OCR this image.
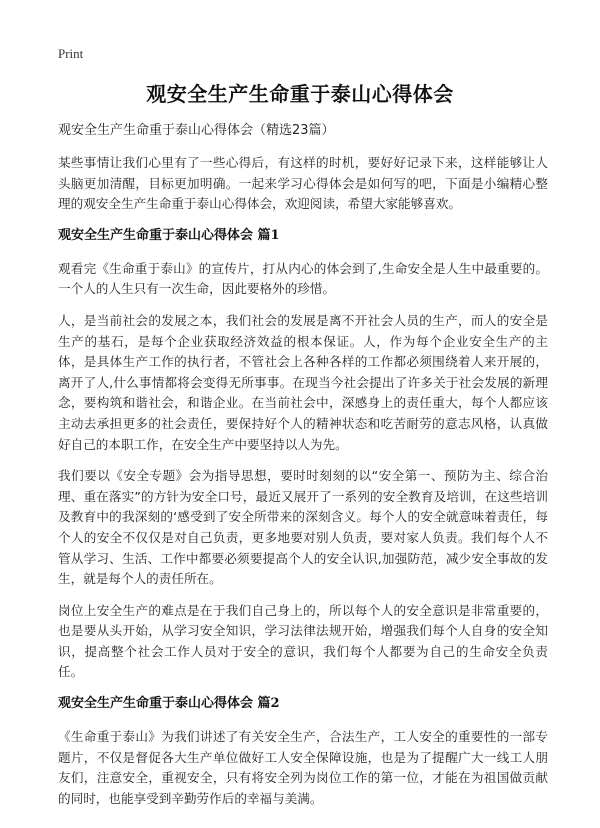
Print
观安全生产生命重于泰山心得体会

观安全生产生命重于泰山心得体会（精选23篇）

某些事情让我们心里有了一些心得后，有这样的时机，要好好记录下来，这样能够让人头脑更加清醒，目标更加明确。一起来学习心得体会是如何写的吧，下面是小编精心整理的观安全生产生命重于泰山心得体会，欢迎阅读，希望大家能够喜欢。

观安全生产生命重于泰山心得体会 篇1

观看完《生命重于泰山》的宣传片，打从内心的体会到了,生命安全是人生中最重要的。一个人的人生只有一次生命，因此要格外的珍惜。

人，是当前社会的发展之本，我们社会的发展是离不开社会人员的生产，而人的安全是生产的基石，是每个企业获取经济效益的根本保证。人，作为每个企业安全生产的主体，是具体生产工作的执行者，不管社会上各种各样的工作都必须围绕着人来开展的，离开了人,什么事情都将会变得无所事事。在现当今社会提出了许多关于社会发展的新理念，要构筑和谐社会，和谐企业。在当前社会中，深感身上的责任重大，每个人都应该主动去承担更多的社会责任，要保持好个人的精神状态和吃苦耐劳的意志风格，认真做好自己的本职工作，在安全生产中要坚持以人为先。

我们要以《安全专题》会为指导思想，要时时刻刻的以“安全第一、预防为主、综合治理、重在落实”的方针为安全口号，最近又展开了一系列的安全教育及培训，在这些培训及教育中的我深刻的‘感受到了安全所带来的深刻含义。每个人的安全就意味着责任，每个人的安全不仅仅是对自己负责，更多地要对别人负责，要对家人负责。我们每个人不管从学习、生活、工作中都要必须要提高个人的安全认识,加强防范，减少安全事故的发生，就是每个人的责任所在。

岗位上安全生产的难点是在于我们自己身上的，所以每个人的安全意识是非常重要的，也是要从头开始，从学习安全知识，学习法律法规开始，增强我们每个人自身的安全知识，提高整个社会工作人员对于安全的意识，我们每个人都要为自己的生命安全负责任。

观安全生产生命重于泰山心得体会 篇2

《生命重于泰山》为我们讲述了有关安全生产，合法生产，工人安全的重要性的一部专题片，不仅是督促各大生产单位做好工人安全保障设施，也是为了提醒广大一线工人朋友们，注意安全，重视安全，只有将安全列为岗位工作的第一位，才能在为祖国做贡献的同时，也能享受到辛勤劳作后的幸福与美满。
